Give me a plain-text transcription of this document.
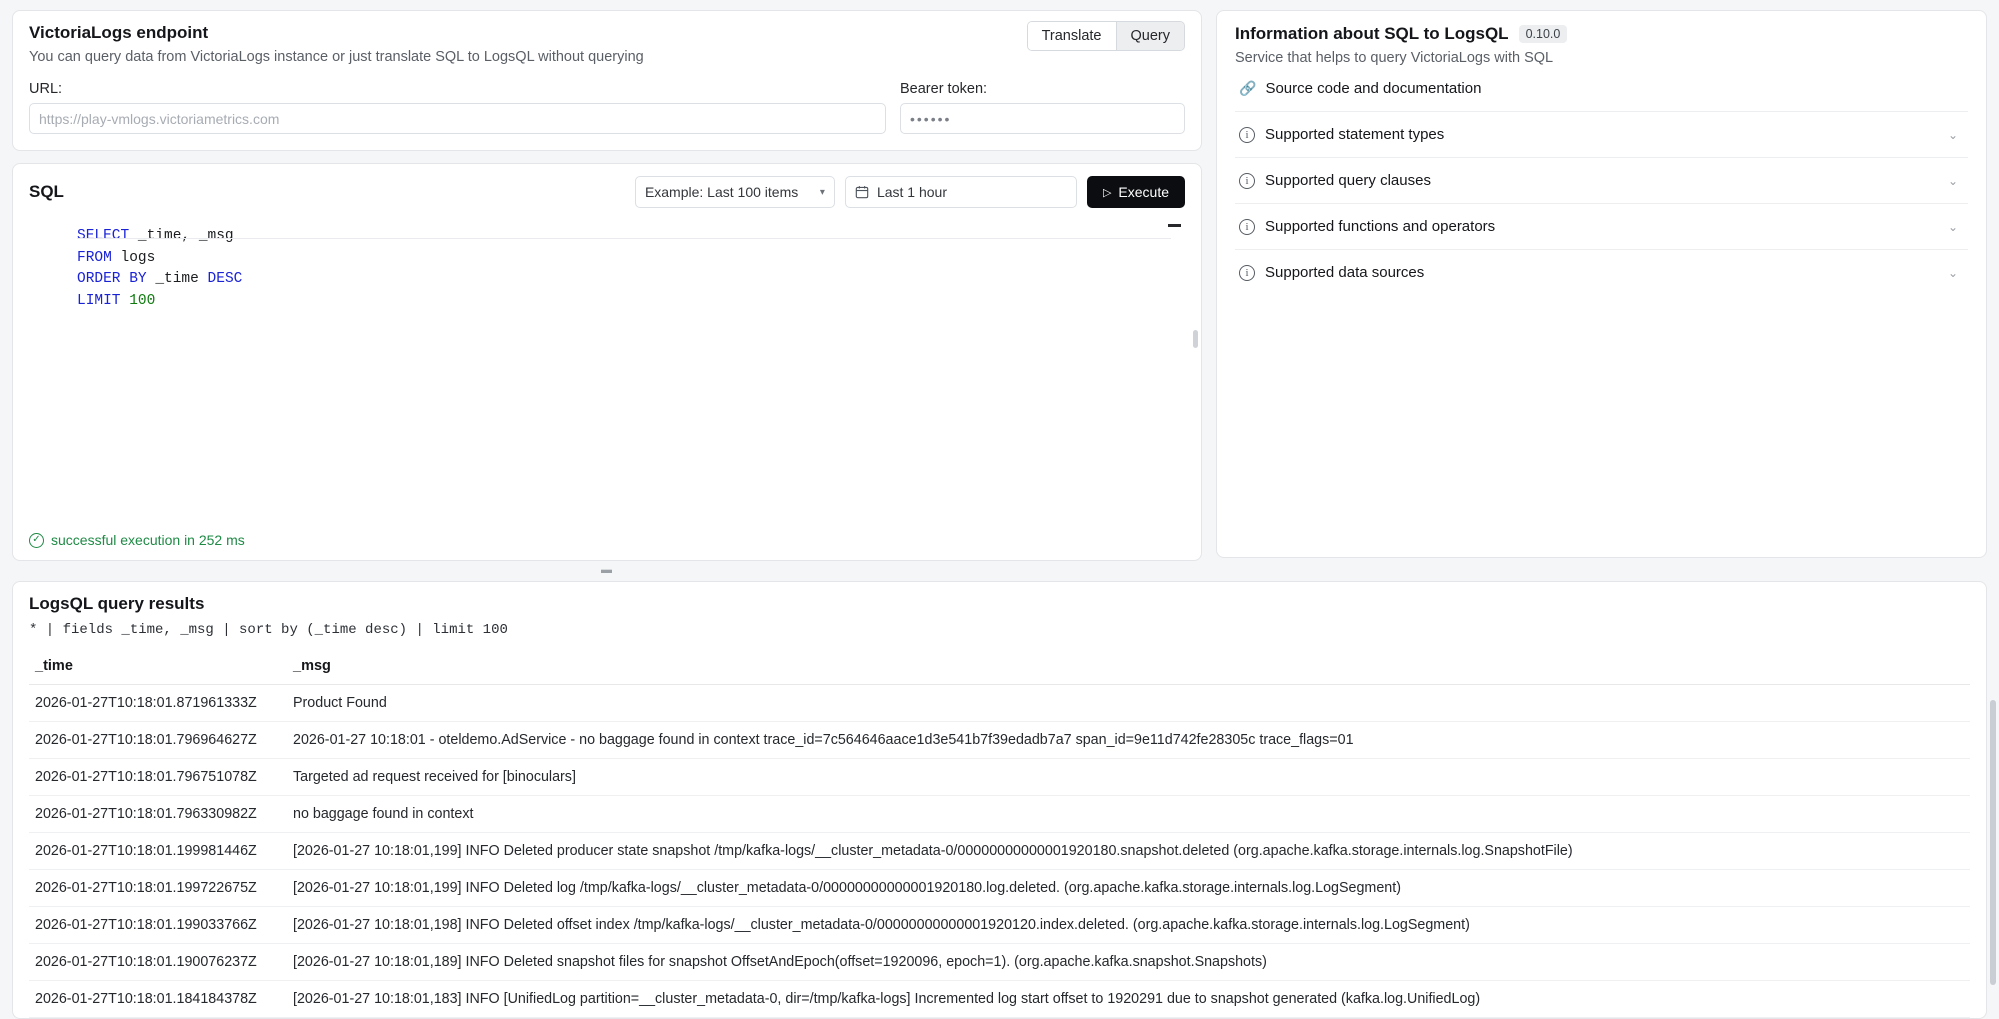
VictoriaLogs endpoint

You can query data from VictoriaLogs instance or just translate SQL to LogsQL without querying

Translate	Query
URL:
https://play-vmlogs.victoriametrics.com	Bearer token:
••••••
SQL	Example: Last 100 items ▾	Last 1 hour	▷ Execute
SELECT _time, _msg
FROM logs
ORDER BY _time DESC
LIMIT 100
✓ successful execution in 252 ms
▬
Information about SQL to LogsQL	0.10.0
Service that helps to query VictoriaLogs with SQL
🔗 Source code and documentation
i	Supported statement types	⌄
i	Supported query clauses	⌄
i	Supported functions and operators	⌄
i	Supported data sources	⌄
LogsQL query results
* | fields _time, _msg | sort by (_time desc) | limit 100
_time	_msg
2026-01-27T10:18:01.871961333Z	Product Found
2026-01-27T10:18:01.796964627Z	2026-01-27 10:18:01 - oteldemo.AdService - no baggage found in context trace_id=7c564646aace1d3e541b7f39edadb7a7 span_id=9e11d742fe28305c trace_flags=01
2026-01-27T10:18:01.796751078Z	Targeted ad request received for [binoculars]
2026-01-27T10:18:01.796330982Z	no baggage found in context
2026-01-27T10:18:01.199981446Z	[2026-01-27 10:18:01,199] INFO Deleted producer state snapshot /tmp/kafka-logs/__cluster_metadata-0/00000000000001920180.snapshot.deleted (org.apache.kafka.storage.internals.log.SnapshotFile)
2026-01-27T10:18:01.199722675Z	[2026-01-27 10:18:01,199] INFO Deleted log /tmp/kafka-logs/__cluster_metadata-0/00000000000001920180.log.deleted. (org.apache.kafka.storage.internals.log.LogSegment)
2026-01-27T10:18:01.199033766Z	[2026-01-27 10:18:01,198] INFO Deleted offset index /tmp/kafka-logs/__cluster_metadata-0/00000000000001920120.index.deleted. (org.apache.kafka.storage.internals.log.LogSegment)
2026-01-27T10:18:01.190076237Z	[2026-01-27 10:18:01,189] INFO Deleted snapshot files for snapshot OffsetAndEpoch(offset=1920096, epoch=1). (org.apache.kafka.snapshot.Snapshots)
2026-01-27T10:18:01.184184378Z	[2026-01-27 10:18:01,183] INFO [UnifiedLog partition=__cluster_metadata-0, dir=/tmp/kafka-logs] Incremented log start offset to 1920291 due to snapshot generated (kafka.log.UnifiedLog)
